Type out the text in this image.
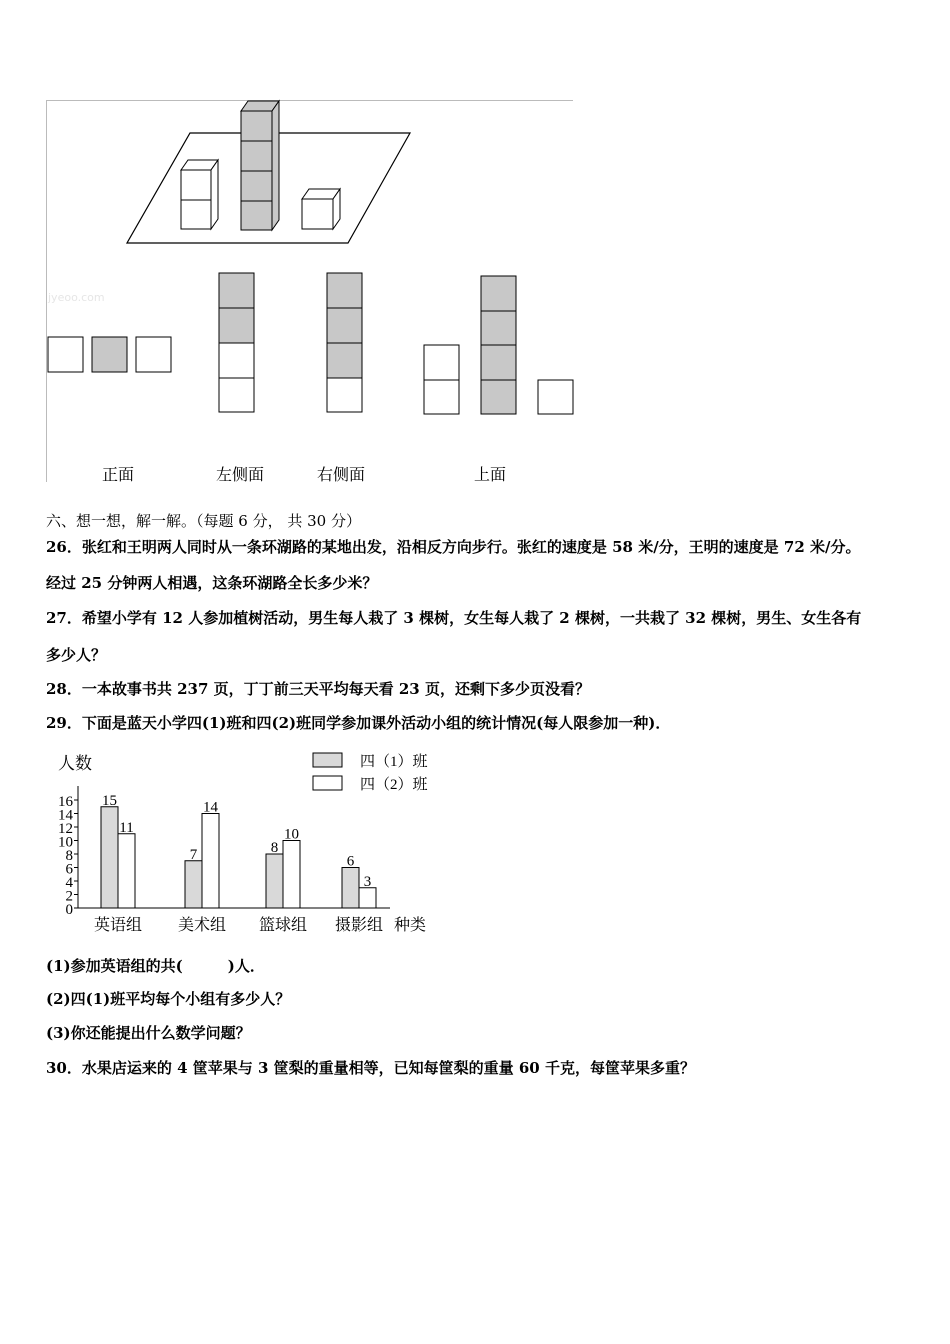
jyeoo.com
正面	左侧面	右侧面	上面
六、想一想，解一解。（每题 6 分， 共 30 分）
26．张红和王明两人同时从一条环湖路的某地出发，沿相反方向步行。张红的速度是 58 米/分，王明的速度是 72 米/分。
经过 25 分钟两人相遇，这条环湖路全长多少米？
27．希望小学有 12 人参加植树活动，男生每人栽了 3 棵树，女生每人栽了 2 棵树，一共栽了 32 棵树，男生、女生各有
多少人？
28．一本故事书共 237 页，丁丁前三天平均每天看 23 页，还剩下多少页没看？
29．下面是蓝天小学四(1)班和四(2)班同学参加课外活动小组的统计情况(每人限参加一种)．
人数
种类
0
2
4
6
8
10
12
14
16 15
11
英语组
7
14
美术组
8
10
篮球组
6
3
摄影组
四（1）班
四（2）班
(1)参加英语组的共(　　　)人．
(2)四(1)班平均每个小组有多少人？
(3)你还能提出什么数学问题？
30．水果店运来的 4 筐苹果与 3 筐梨的重量相等，已知每筐梨的重量 60 千克，每筐苹果多重？
